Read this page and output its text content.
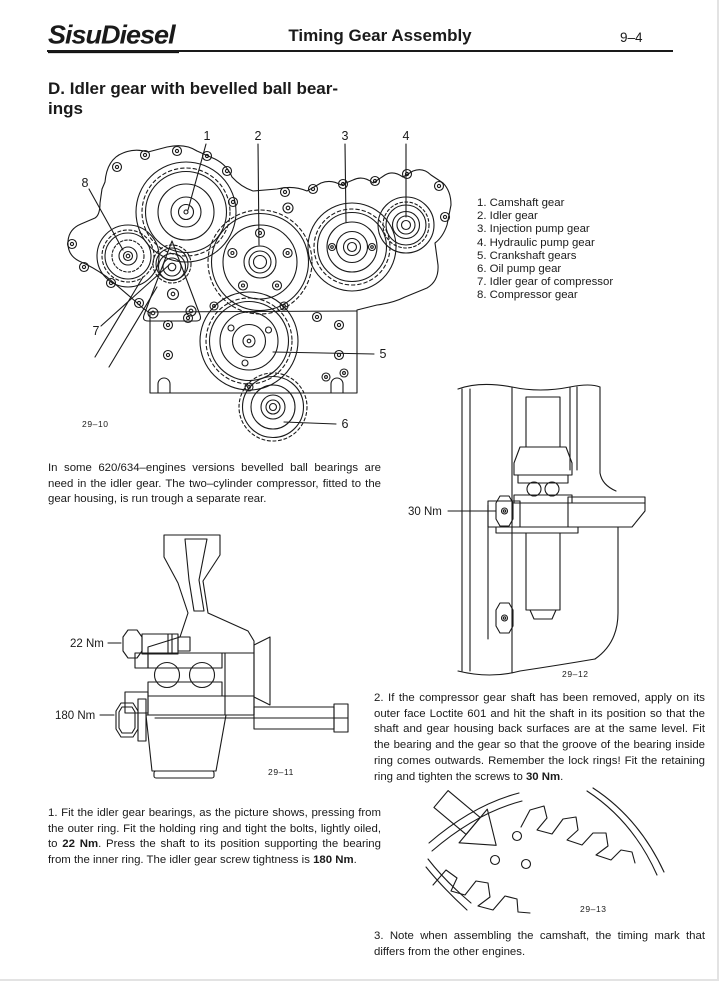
SisuDiesel	Timing Gear Assembly	9–4
D. Idler gear with bevelled ball bear-
ings
1	2	3	4
8
7
5
6
29–10
1. Camshaft gear
2. Idler gear
3. Injection pump gear
4. Hydraulic pump gear
5. Crankshaft gears
6. Oil pump gear
7. Idler gear of compressor
8. Compressor gear
In some 620/634–engines versions bevelled ball bearings are need in the idler gear. The two–cylinder compressor, fitted to the gear housing, is run trough a separate rear.
22 Nm
180 Nm
29–11
30 Nm
29–12
2. If the compressor gear shaft has been removed, apply on its outer face Loctite 601 and hit the shaft in its position so that the shaft and gear housing back surfaces are at the same level. Fit the bearing and the gear so that the groove of the bearing inside ring comes outwards. Remember the lock rings! Fit the retaining ring and tighten the screws to 30 Nm.
1. Fit the idler gear bearings, as the picture shows, pressing from the outer ring. Fit the holding ring and tight the bolts, lightly oiled, to 22 Nm. Press the shaft to its position supporting the bearing from the inner ring. The idler gear screw tightness is 180 Nm.
29–13
3. Note when assembling the camshaft, the timing mark that differs from the other engines.
